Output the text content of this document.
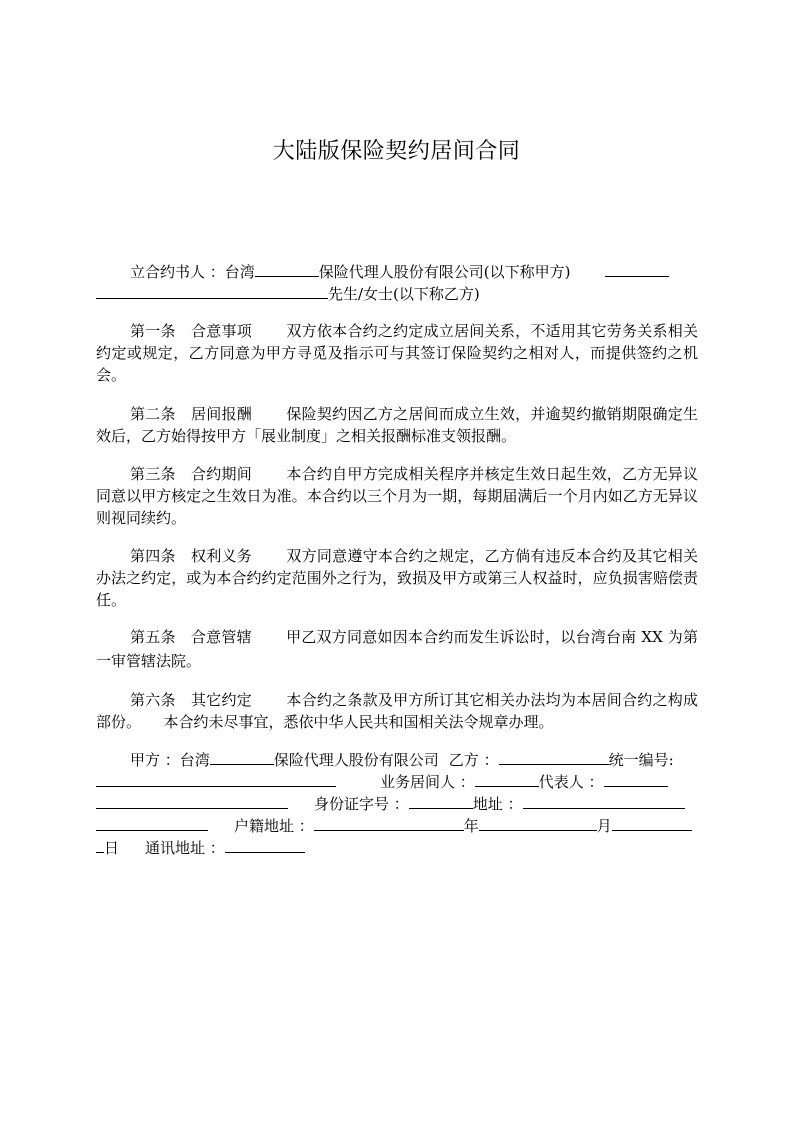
大陆版保险契约居间合同
立合约书人 ：台湾	保险代理人股份有限公司(以下称甲方)
先生/女士(以下称乙方)
第一条　合意事项 双方依本合约之约定成立居间关系，不适用其它劳务关系相关约定或规定，乙方同意为甲方寻觅及指示可与其签订保险契约之相对人，而提供签约之机会。
第二条　居间报酬 保险契约因乙方之居间而成立生效，并逾契约撤销期限确定生效后，乙方始得按甲方「展业制度」之相关报酬标准支领报酬。
第三条　合约期间 本合约自甲方完成相关程序并核定生效日起生效，乙方无异议同意以甲方核定之生效日为准。本合约以三个月为一期，每期届满后一个月内如乙方无异议则视同续约。
第四条　权利义务 双方同意遵守本合约之规定，乙方倘有违反本合约及其它相关办法之约定，或为本合约约定范围外之行为，致损及甲方或第三人权益时，应负损害赔偿责任。
第五条　合意管辖 甲乙双方同意如因本合约而发生诉讼时，以台湾台南 XX 为第一审管辖法院。
第六条　其它约定 本合约之条款及甲方所订其它相关办法均为本居间合约之构成部份。　　本合约未尽事宜，悉依中华人民共和国相关法令规章办理。
甲方 ：台湾	保险代理人股份有限公司 乙方 ：	统一编号:
业务居间人 ：	代表人 ：
身份证字号 ：	地址 ：
户籍地址 ：	年	月
日 通讯地址 ：
